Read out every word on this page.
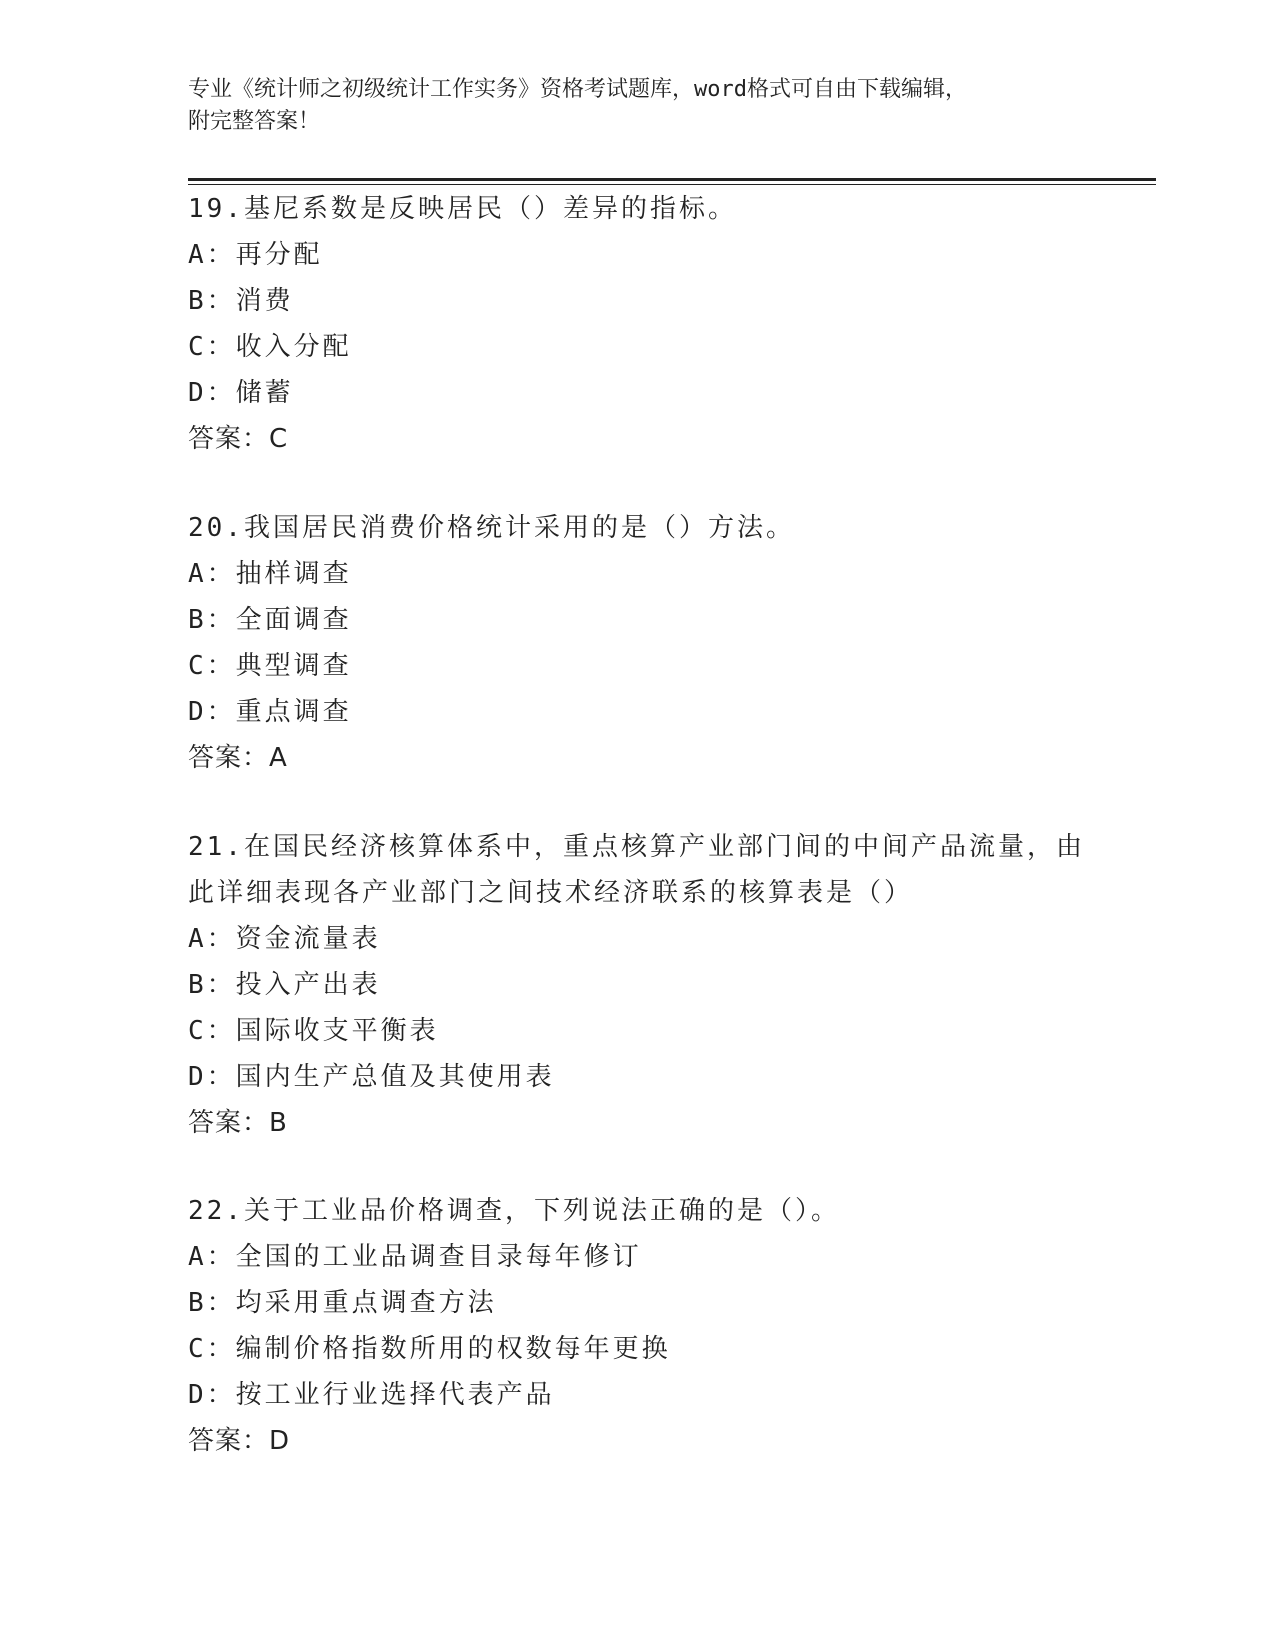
专业《统计师之初级统计工作实务》资格考试题库，word格式可自由下载编辑，
附完整答案！
19.基尼系数是反映居民（）差异的指标。
A：再分配
B：消费
C：收入分配
D：储蓄
答案：C
20.我国居民消费价格统计采用的是（）方法。
A：抽样调查
B：全面调查
C：典型调查
D：重点调查
答案：A
21.在国民经济核算体系中，重点核算产业部门间的中间产品流量，由
此详细表现各产业部门之间技术经济联系的核算表是（）
A：资金流量表
B：投入产出表
C：国际收支平衡表
D：国内生产总值及其使用表
答案：B
22.关于工业品价格调查，下列说法正确的是（）。
A：全国的工业品调查目录每年修订
B：均采用重点调查方法
C：编制价格指数所用的权数每年更换
D：按工业行业选择代表产品
答案：D
